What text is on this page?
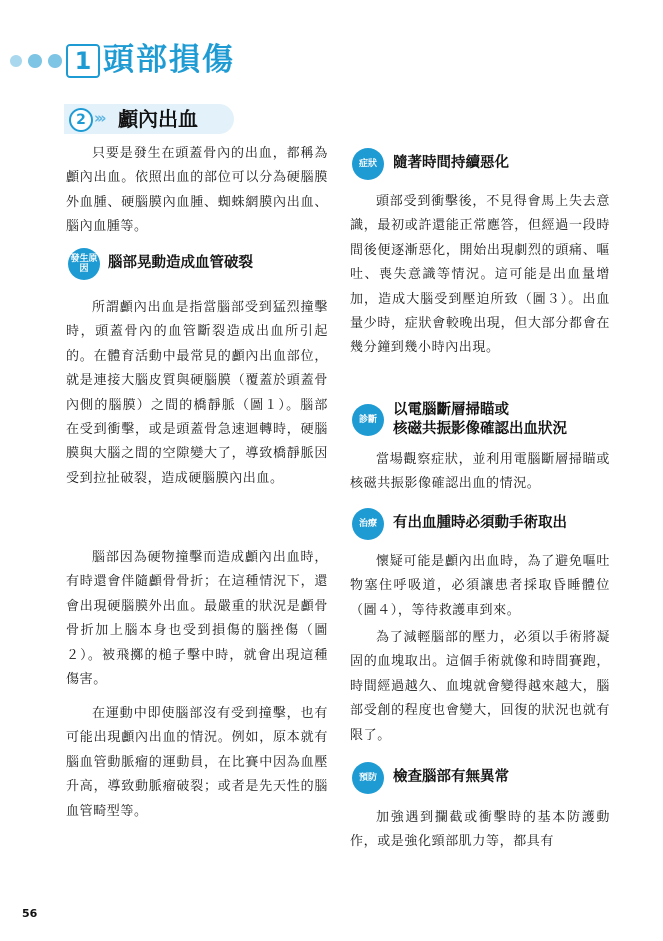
1 頭部損傷
2 ››› 顱內出血

只要是發生在頭蓋骨內的出血，都稱為顱內出血。依照出血的部位可以分為硬腦膜外血腫、硬腦膜內血腫、蜘蛛網膜內出血、腦內血腫等。

發生原因	腦部晃動造成血管破裂

所謂顱內出血是指當腦部受到猛烈撞擊時，頭蓋骨內的血管斷裂造成出血所引起的。在體育活動中最常見的顱內出血部位，就是連接大腦皮質與硬腦膜（覆蓋於頭蓋骨內側的腦膜）之間的橋靜脈（圖１）。腦部在受到衝擊，或是頭蓋骨急速迴轉時，硬腦膜與大腦之間的空隙變大了，導致橋靜脈因受到拉扯破裂，造成硬腦膜內出血。

腦部因為硬物撞擊而造成顱內出血時，有時還會伴隨顱骨骨折；在這種情況下，還會出現硬腦膜外出血。最嚴重的狀況是顱骨骨折加上腦本身也受到損傷的腦挫傷（圖２）。被飛擲的槌子擊中時，就會出現這種傷害。

在運動中即使腦部沒有受到撞擊，也有可能出現顱內出血的情況。例如，原本就有腦血管動脈瘤的運動員，在比賽中因為血壓升高，導致動脈瘤破裂；或者是先天性的腦血管畸型等。

症狀	隨著時間持續惡化

頭部受到衝擊後，不見得會馬上失去意識，最初或許還能正常應答，但經過一段時間後便逐漸惡化，開始出現劇烈的頭痛、嘔吐、喪失意識等情況。這可能是出血量增加，造成大腦受到壓迫所致（圖３）。出血量少時，症狀會較晚出現，但大部分都會在幾分鐘到幾小時內出現。

診斷
以電腦斷層掃瞄或
核磁共振影像確認出血狀況

當場觀察症狀，並利用電腦斷層掃瞄或核磁共振影像確認出血的情況。

治療	有出血腫時必須動手術取出

懷疑可能是顱內出血時，為了避免嘔吐物塞住呼吸道，必須讓患者採取昏睡體位（圖４），等待救護車到來。

為了減輕腦部的壓力，必須以手術將凝固的血塊取出。這個手術就像和時間賽跑，時間經過越久、血塊就會變得越來越大，腦部受創的程度也會變大，回復的狀況也就有限了。

預防	檢查腦部有無異常

加強遇到攔截或衝擊時的基本防護動作，或是強化頸部肌力等，都具有

56
